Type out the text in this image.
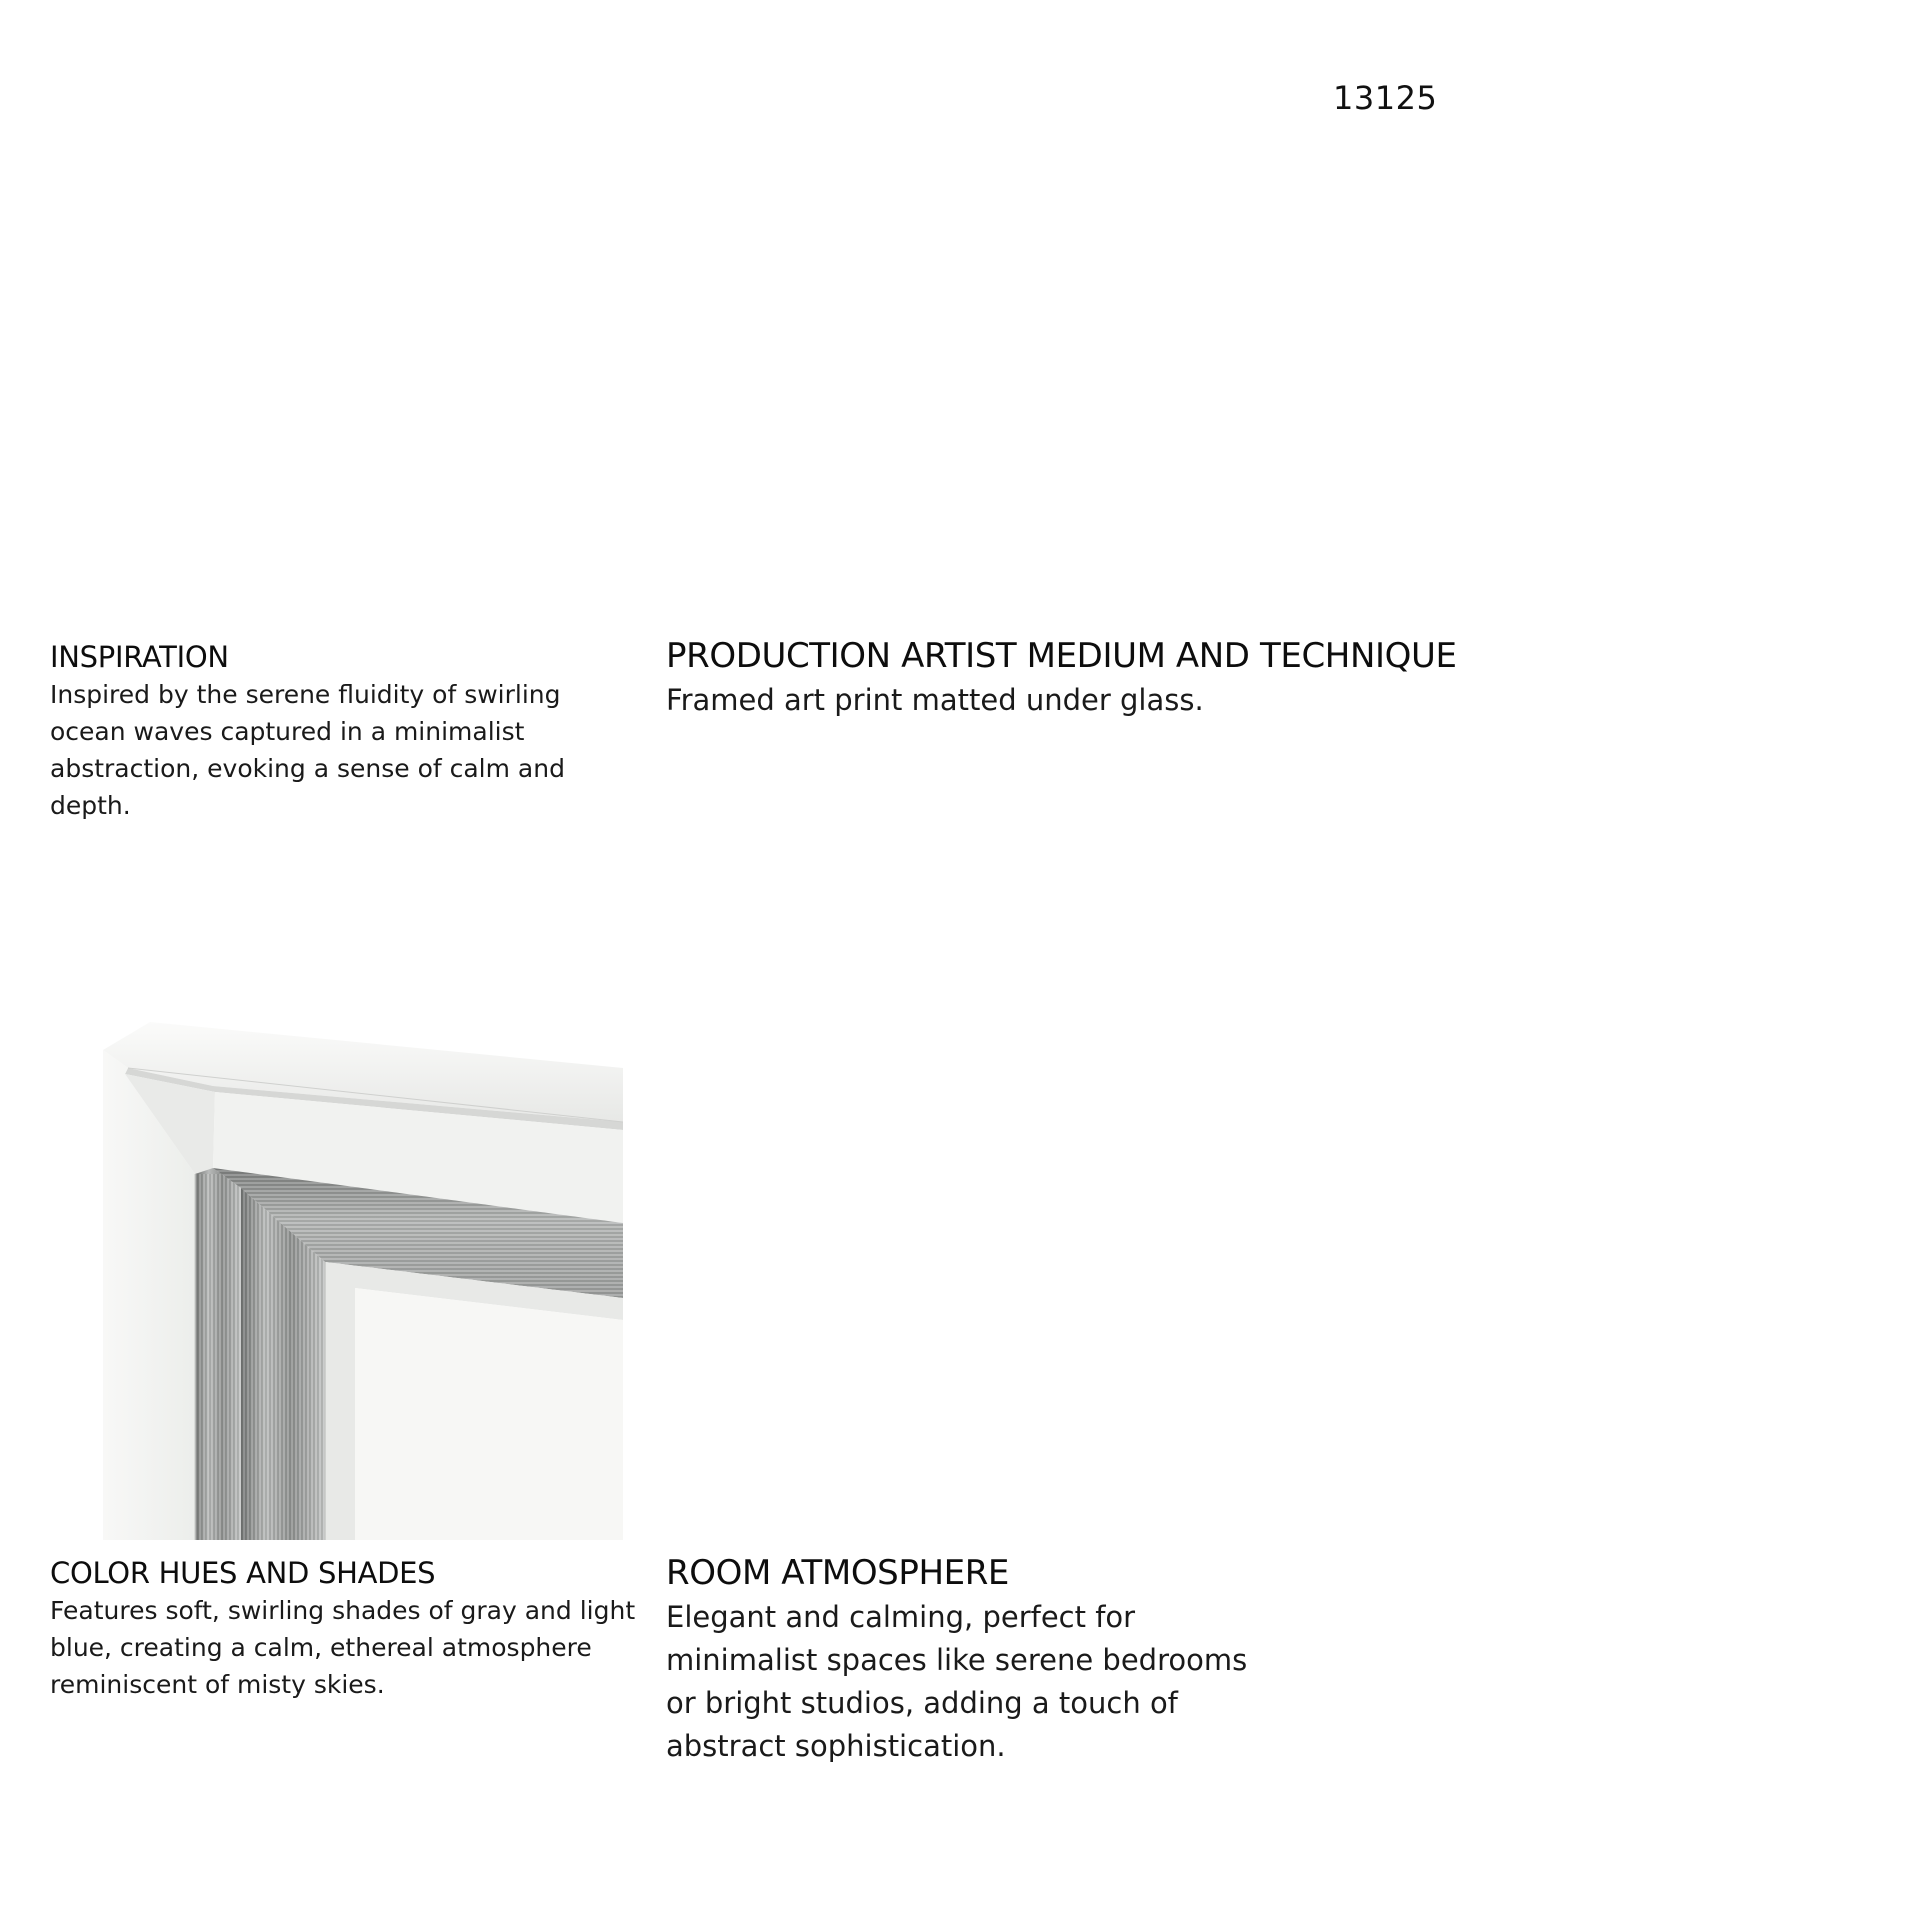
13125
INSPIRATION

Inspired by the serene fluidity of swirling ocean waves captured in a minimalist abstraction, evoking a sense of calm and depth.

PRODUCTION ARTIST MEDIUM AND TECHNIQUE

Framed art print matted under glass.

COLOR HUES AND SHADES

Features soft, swirling shades of gray and light blue, creating a calm, ethereal atmosphere reminiscent of misty skies.

ROOM ATMOSPHERE

Elegant and calming, perfect for minimalist spaces like serene bedrooms or bright studios, adding a touch of abstract sophistication.
